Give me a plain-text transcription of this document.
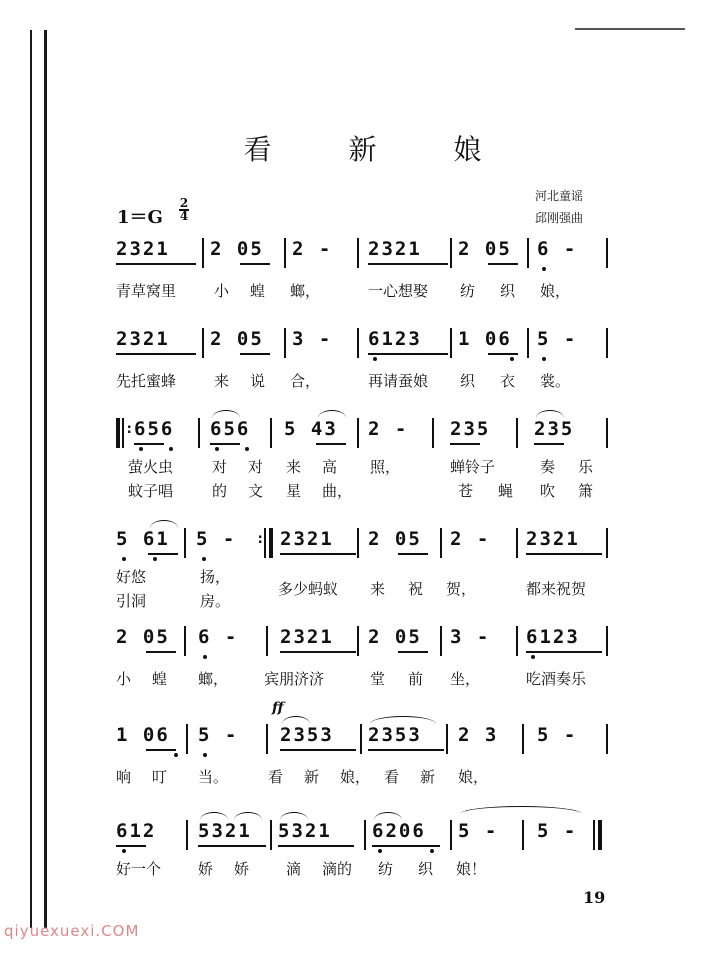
看 新 娘
河北童谣
邱刚强曲
1＝G
2
4
2321 2 05 2 - 2321 2 05 6 -
青草窝里	小 蝗 螂，	一心想娶 纺 织 娘，
2321 2 05 3 - 6123 1 06 5 -
先托蜜蜂	来 说 合，	再请蚕娘 织 衣 裳。
: 656 656 5 43 2 - 235 235
萤火虫	对 对 来 高 照，	蝉铃子	奏 乐
蚊子唱	的 文 星 曲，	苍 蝇 吹 箫
5 61 5 - : 2321 2 05 2 - 2321
好悠	扬，
引洞	房。
多少蚂蚁 来 祝 贺，	都来祝贺
2 05 6 - 2321 2 05 3 - 6123
小 蝗 螂， 宾朋济济	堂 前 坐，	吃酒奏乐
ff
1 06 5 - 2353 2353 2 3 5 -
响 叮 当。	看 新 娘， 看 新 娘，
612 5321 5321 6206 5 - 5 -
好一个 娇 娇 滴 滴的 纺 织 娘！
19
qiyuexuexi.COM
